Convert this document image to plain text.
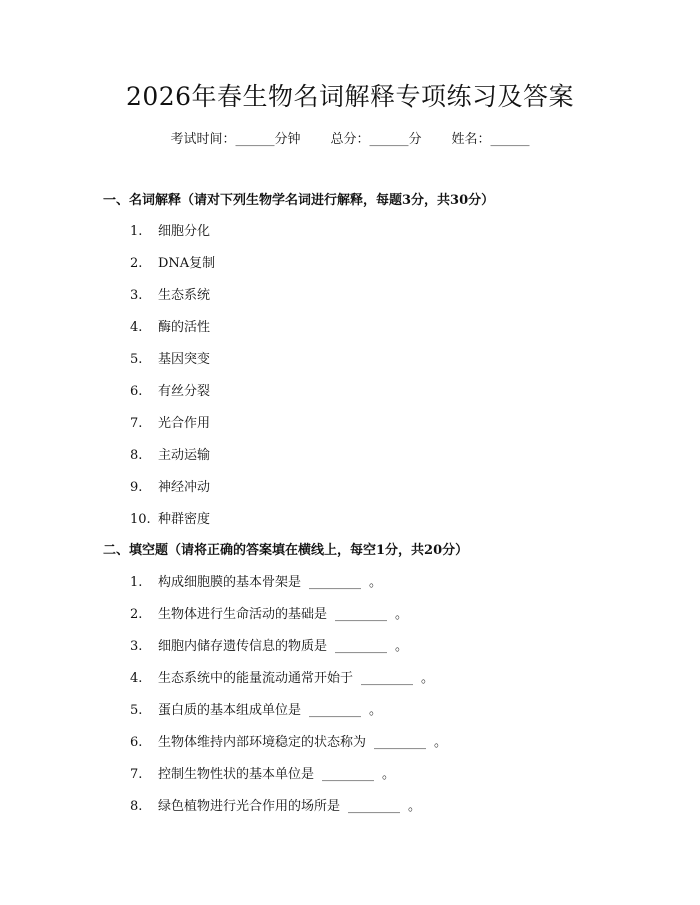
2026年春生物名词解释专项练习及答案
考试时间：______分钟 总分：______分 姓名：______
一、名词解释（请对下列生物学名词进行解释，每题3分，共30分）
1.	细胞分化
2.	DNA复制
3.	生态系统
4.	酶的活性
5.	基因突变
6.	有丝分裂
7.	光合作用
8.	主动运输
9.	神经冲动
10. 种群密度
二、填空题（请将正确的答案填在横线上，每空1分，共20分）
1.	构成细胞膜的基本骨架是 ________ 。
2.	生物体进行生命活动的基础是 ________ 。
3.	细胞内储存遗传信息的物质是 ________ 。
4.	生态系统中的能量流动通常开始于 ________ 。
5.	蛋白质的基本组成单位是 ________ 。
6.	生物体维持内部环境稳定的状态称为 ________ 。
7.	控制生物性状的基本单位是 ________ 。
8.	绿色植物进行光合作用的场所是 ________ 。
